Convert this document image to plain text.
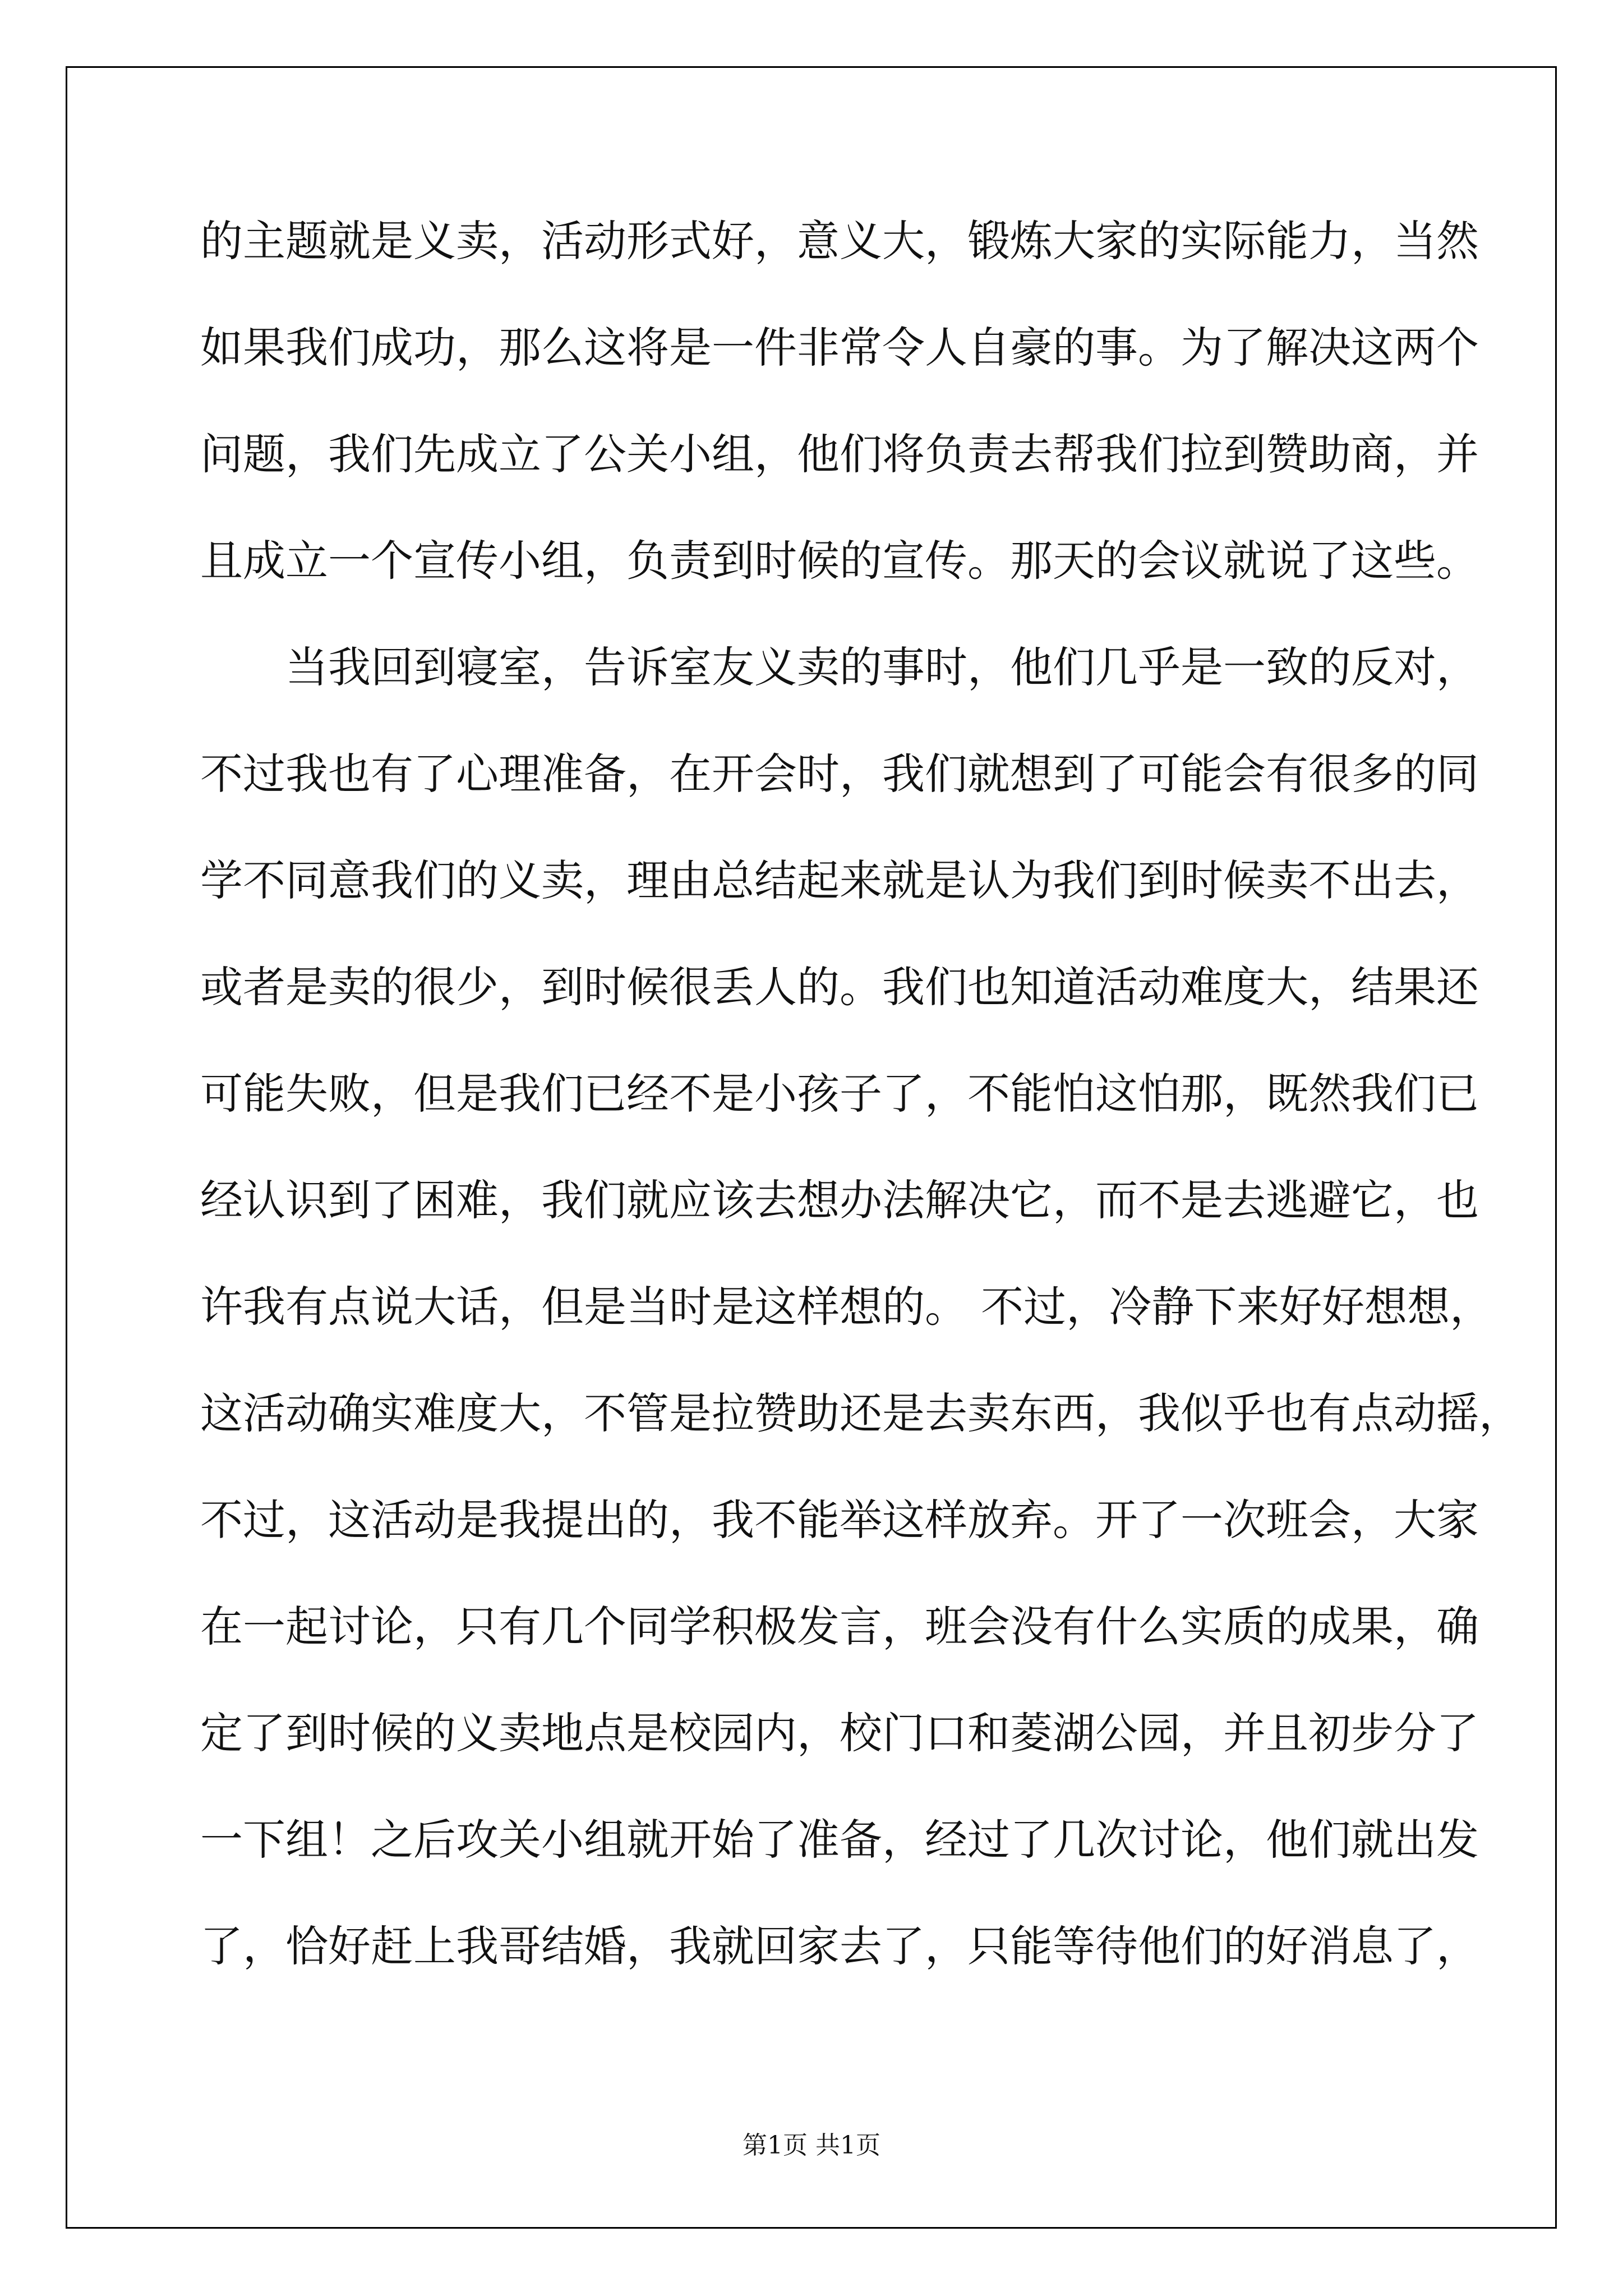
的主题就是义卖，活动形式好，意义大，锻炼大家的实际能力，当然
如果我们成功，那么这将是一件非常令人自豪的事。为了解决这两个
问题，我们先成立了公关小组，他们将负责去帮我们拉到赞助商，并
且成立一个宣传小组，负责到时候的宣传。那天的会议就说了这些。
当我回到寝室，告诉室友义卖的事时，他们几乎是一致的反对，
不过我也有了心理准备，在开会时，我们就想到了可能会有很多的同
学不同意我们的义卖，理由总结起来就是认为我们到时候卖不出去，
或者是卖的很少，到时候很丢人的。我们也知道活动难度大，结果还
可能失败，但是我们已经不是小孩子了，不能怕这怕那，既然我们已
经认识到了困难，我们就应该去想办法解决它，而不是去逃避它，也
许我有点说大话，但是当时是这样想的。 不过，冷静下来好好想想，
这活动确实难度大，不管是拉赞助还是去卖东西，我似乎也有点动摇，
不过，这活动是我提出的，我不能举这样放弃。开了一次班会，大家
在一起讨论，只有几个同学积极发言，班会没有什么实质的成果，确
定了到时候的义卖地点是校园内，校门口和菱湖公园，并且初步分了
一下组！之后攻关小组就开始了准备，经过了几次讨论，他们就出发
了，恰好赶上我哥结婚，我就回家去了，只能等待他们的好消息了，
第1页 共1页
